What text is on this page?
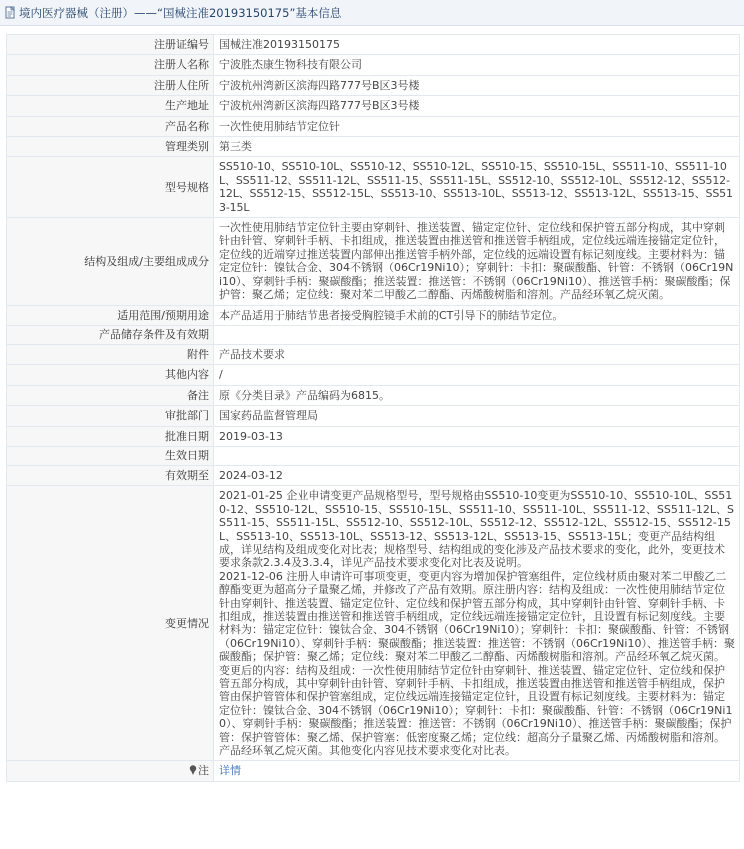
境内医疗器械（注册）——“国械注准20193150175”基本信息
注册证编号	国械注准20193150175
注册人名称	宁波胜杰康生物科技有限公司
注册人住所	宁波杭州湾新区滨海四路777号B区3号楼
生产地址	宁波杭州湾新区滨海四路777号B区3号楼
产品名称	一次性使用肺结节定位针
管理类别	第三类
型号规格	SS510-10、SS510-10L、SS510-12、SS510-12L、SS510-15、SS510-15L、SS511-10、SS511-10L、SS511-12、SS511-12L、SS511-15、SS511-15L、SS512-10、SS512-10L、SS512-12、SS512-12L、SS512-15、SS512-15L、SS513-10、SS513-10L、SS513-12、SS513-12L、SS513-15、SS513-15L
结构及组成/主要组成成分	一次性使用肺结节定位针主要由穿刺针、推送装置、锚定定位针、定位线和保护管五部分构成，其中穿刺针由针管、穿刺针手柄、卡扣组成，推送装置由推送管和推送管手柄组成，定位线远端连接锚定定位针，定位线的近端穿过推送装置内部伸出推送管手柄外部，定位线的远端设置有标记刻度线。主要材料为：锚定定位针：镍钛合金、304不锈钢（06Cr19Ni10）；穿刺针：卡扣：聚碳酸酯、针管：不锈钢（06Cr19Ni10）、穿刺针手柄：聚碳酸酯；推送装置：推送管：不锈钢（06Cr19Ni10）、推送管手柄：聚碳酸酯；保护管：聚乙烯；定位线：聚对苯二甲酸乙二醇酯、丙烯酸树脂和溶剂。产品经环氧乙烷灭菌。
适用范围/预期用途	本产品适用于肺结节患者接受胸腔镜手术前的CT引导下的肺结节定位。
产品储存条件及有效期	
附件	产品技术要求
其他内容	/
备注	原《分类目录》产品编码为6815。
审批部门	国家药品监督管理局
批准日期	2019-03-13
生效日期	
有效期至	2024-03-12
变更情况	2021-01-25 企业申请变更产品规格型号，型号规格由SS510-10变更为SS510-10、SS510-10L、SS510-12、SS510-12L、SS510-15、SS510-15L、SS511-10、SS511-10L、SS511-12、SS511-12L、SS511-15、SS511-15L、SS512-10、SS512-10L、SS512-12、SS512-12L、SS512-15、SS512-15L、SS513-10、SS513-10L、SS513-12、SS513-12L、SS513-15、SS513-15L；变更产品结构组成，详见结构及组成变化对比表；规格型号、结构组成的变化涉及产品技术要求的变化，此外，变更技术要求条款2.3.4及3.3.4，详见产品技术要求变化对比表及说明。
2021-12-06 注册人申请许可事项变更，变更内容为增加保护管塞组件，定位线材质由聚对苯二甲酸乙二醇酯变更为超高分子量聚乙烯，并修改了产品有效期。原注册内容：结构及组成：一次性使用肺结节定位针由穿刺针、推送装置、锚定定位针、定位线和保护管五部分构成，其中穿刺针由针管、穿刺针手柄、卡扣组成，推送装置由推送管和推送管手柄组成，定位线远端连接锚定定位针，且设置有标记刻度线。主要材料为：锚定定位针：镍钛合金、304不锈钢（06Cr19Ni10）；穿刺针：卡扣：聚碳酸酯、针管：不锈钢（06Cr19Ni10）、穿刺针手柄：聚碳酸酯；推送装置：推送管：不锈钢（06Cr19Ni10）、推送管手柄：聚碳酸酯；保护管：聚乙烯；定位线：聚对苯二甲酸乙二醇酯、丙烯酸树脂和溶剂。产品经环氧乙烷灭菌。变更后的内容：结构及组成：一次性使用肺结节定位针由穿刺针、推送装置、锚定定位针、定位线和保护管五部分构成，其中穿刺针由针管、穿刺针手柄、卡扣组成，推送装置由推送管和推送管手柄组成，保护管由保护管管体和保护管塞组成，定位线远端连接锚定定位针，且设置有标记刻度线。主要材料为：锚定定位针：镍钛合金、304不锈钢（06Cr19Ni10）；穿刺针：卡扣：聚碳酸酯、针管：不锈钢（06Cr19Ni10）、穿刺针手柄：聚碳酸酯；推送装置：推送管：不锈钢（06Cr19Ni10）、推送管手柄：聚碳酸酯；保护管：保护管管体：聚乙烯、保护管塞：低密度聚乙烯；定位线：超高分子量聚乙烯、丙烯酸树脂和溶剂。产品经环氧乙烷灭菌。其他变化内容见技术要求变化对比表。

注	详情
